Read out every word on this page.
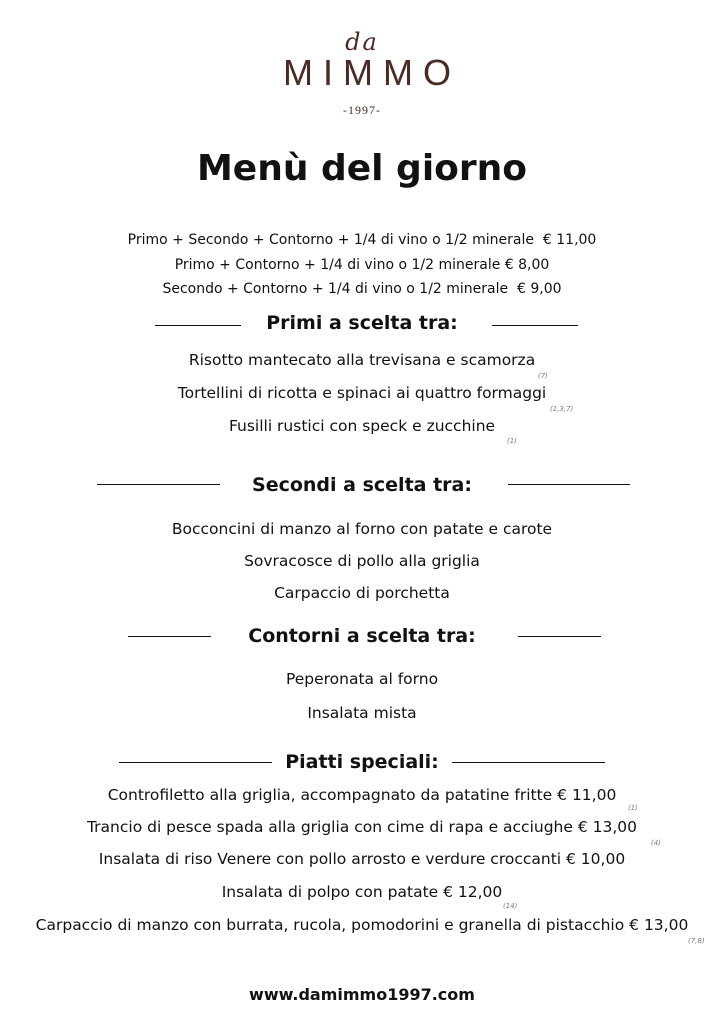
da
MIMMO
-1997-
Menù del giorno
Primo + Secondo + Contorno + 1/4 di vino o 1/2 minerale  € 11,00
Primo + Contorno + 1/4 di vino o 1/2 minerale € 8,00
Secondo + Contorno + 1/4 di vino o 1/2 minerale  € 9,00
Primi a scelta tra:
Risotto mantecato alla trevisana e scamorza
(7)
Tortellini di ricotta e spinaci ai quattro formaggi
(1,3,7)
Fusilli rustici con speck e zucchine
(1)
Secondi a scelta tra:
Bocconcini di manzo al forno con patate e carote
Sovracosce di pollo alla griglia
Carpaccio di porchetta
Contorni a scelta tra:
Peperonata al forno
Insalata mista
Piatti speciali:
Controfiletto alla griglia, accompagnato da patatine fritte € 11,00
(1)
Trancio di pesce spada alla griglia con cime di rapa e acciughe € 13,00
(4)
Insalata di riso Venere con pollo arrosto e verdure croccanti € 10,00
Insalata di polpo con patate € 12,00
(14)
Carpaccio di manzo con burrata, rucola, pomodorini e granella di pistacchio € 13,00
(7,8)
www.damimmo1997.com
